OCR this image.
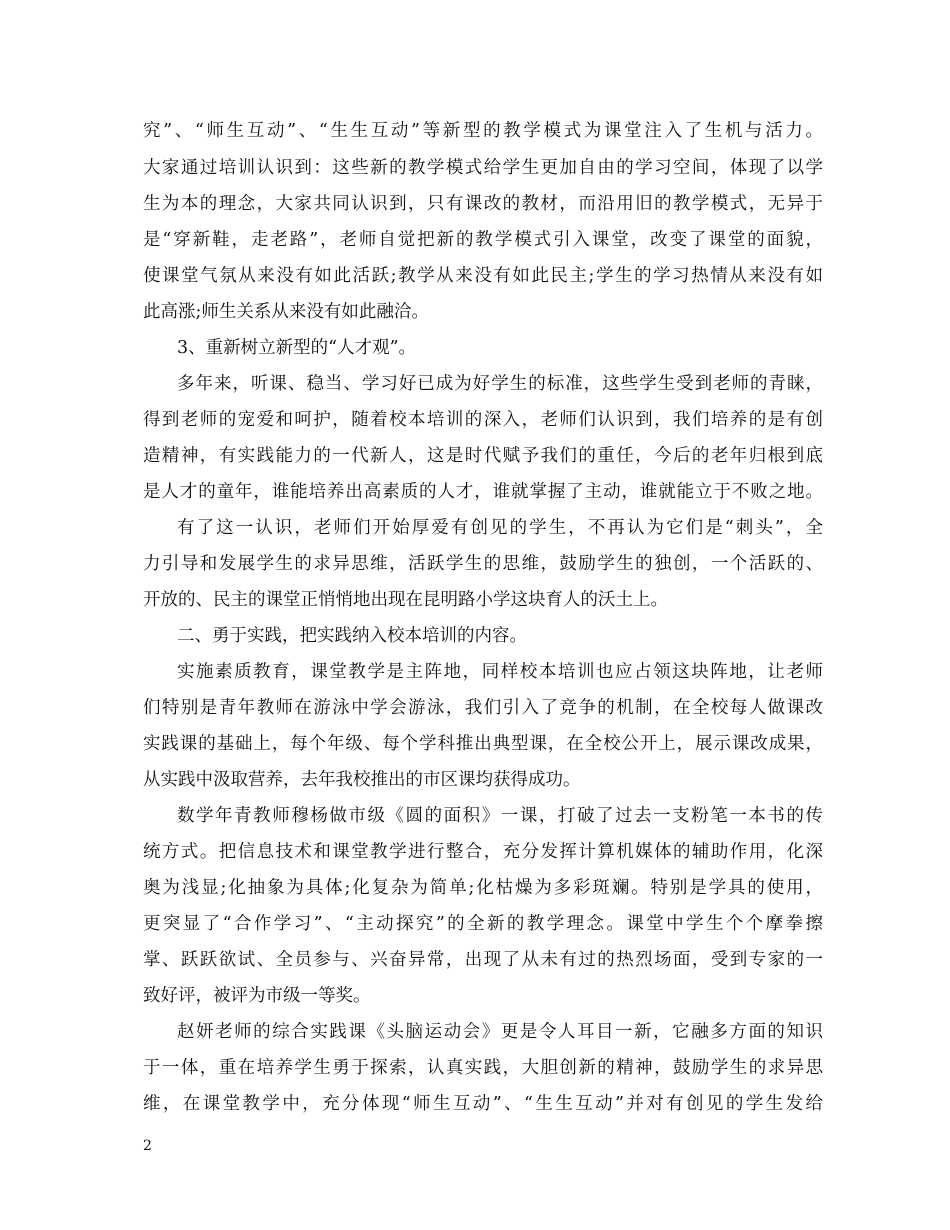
究”、“师生互动”、“生生互动”等新型的教学模式为课堂注入了生机与活力。
大家通过培训认识到：这些新的教学模式给学生更加自由的学习空间，体现了以学
生为本的理念，大家共同认识到，只有课改的教材，而沿用旧的教学模式，无异于
是“穿新鞋，走老路”，老师自觉把新的教学模式引入课堂，改变了课堂的面貌，
使课堂气氛从来没有如此活跃;教学从来没有如此民主;学生的学习热情从来没有如
此高涨;师生关系从来没有如此融洽。
3、重新树立新型的“人才观”。
多年来，听课、稳当、学习好已成为好学生的标准，这些学生受到老师的青睐，
得到老师的宠爱和呵护，随着校本培训的深入，老师们认识到，我们培养的是有创
造精神，有实践能力的一代新人，这是时代赋予我们的重任，今后的老年归根到底
是人才的童年，谁能培养出高素质的人才，谁就掌握了主动，谁就能立于不败之地。
有了这一认识，老师们开始厚爱有创见的学生，不再认为它们是“刺头”，全
力引导和发展学生的求异思维，活跃学生的思维，鼓励学生的独创，一个活跃的、
开放的、民主的课堂正悄悄地出现在昆明路小学这块育人的沃土上。
二、勇于实践，把实践纳入校本培训的内容。
实施素质教育，课堂教学是主阵地，同样校本培训也应占领这块阵地，让老师
们特别是青年教师在游泳中学会游泳，我们引入了竞争的机制，在全校每人做课改
实践课的基础上，每个年级、每个学科推出典型课，在全校公开上，展示课改成果，
从实践中汲取营养，去年我校推出的市区课均获得成功。
数学年青教师穆杨做市级《圆的面积》一课，打破了过去一支粉笔一本书的传
统方式。把信息技术和课堂教学进行整合，充分发挥计算机媒体的辅助作用，化深
奥为浅显;化抽象为具体;化复杂为简单;化枯燥为多彩斑斓。特别是学具的使用，
更突显了“合作学习”、“主动探究”的全新的教学理念。课堂中学生个个摩拳擦
掌、跃跃欲试、全员参与、兴奋异常，出现了从未有过的热烈场面，受到专家的一
致好评，被评为市级一等奖。
赵妍老师的综合实践课《头脑运动会》更是令人耳目一新，它融多方面的知识
于一体，重在培养学生勇于探索，认真实践，大胆创新的精神，鼓励学生的求异思
维，在课堂教学中，充分体现“师生互动”、“生生互动”并对有创见的学生发给
2
